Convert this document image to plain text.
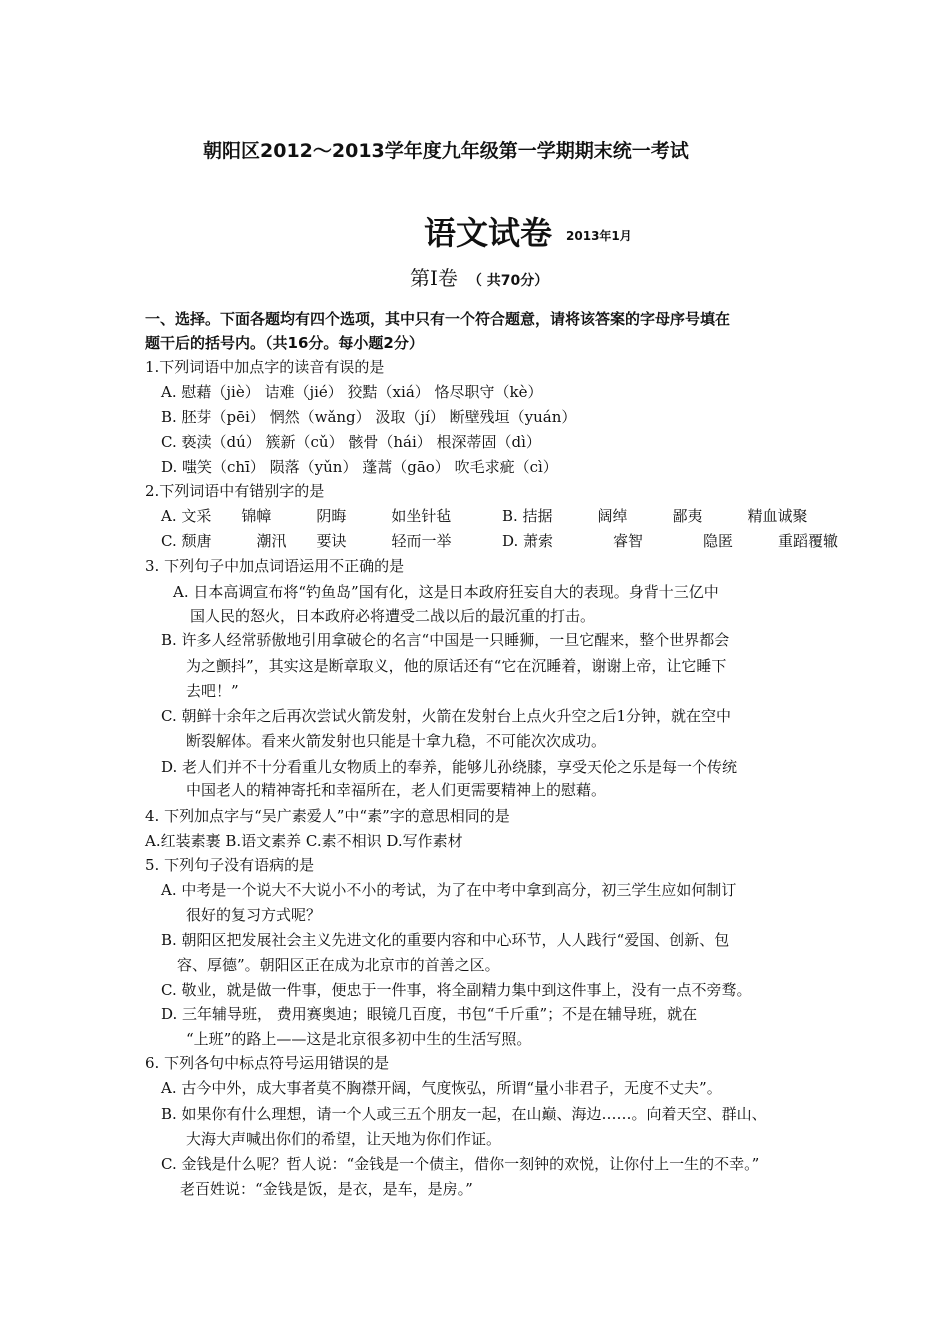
朝阳区2012～2013学年度九年级第一学期期末统一考试
语文试卷 2013年1月
第Ⅰ卷 （ 共70分）
一、选择。下面各题均有四个选项，其中只有一个符合题意，请将该答案的字母序号填在
题干后的括号内。（共16分。每小题2分）
1.下列词语中加点字的读音有误的是
A. 慰藉（jiè） 诘难（jié） 狡黠（xiá） 恪尽职守（kè）
B. 胚芽（pēi） 惘然（wǎng） 汲取（jí） 断壁残垣（yuán）
C. 亵渎（dú） 簇新（cǔ） 骸骨（hái） 根深蒂固（dì）
D. 嗤笑（chī） 陨落（yǔn） 蓬蒿（gāo） 吹毛求疵（cì）
2.下列词语中有错别字的是
A. 文采　　锦幛　　　阴晦　　　如坐针毡	B. 拮据　　　阔绰　　　鄙夷　　　精血诚聚
C. 颓唐　　　潮汛　　要诀　　　轻而一举	D. 萧索　　　　睿智　　　　隐匿　　　重蹈覆辙
3. 下列句子中加点词语运用不正确的是
A. 日本高调宣布将“钓鱼岛”国有化，这是日本政府狂妄自大的表现。身背十三亿中
国人民的怒火，日本政府必将遭受二战以后的最沉重的打击。
B. 许多人经常骄傲地引用拿破仑的名言“中国是一只睡狮，一旦它醒来，整个世界都会
为之颤抖”，其实这是断章取义，他的原话还有“它在沉睡着，谢谢上帝，让它睡下
去吧！”
C. 朝鲜十余年之后再次尝试火箭发射，火箭在发射台上点火升空之后1分钟，就在空中
断裂解体。看来火箭发射也只能是十拿九稳，不可能次次成功。
D. 老人们并不十分看重儿女物质上的奉养，能够儿孙绕膝，享受天伦之乐是每一个传统
中国老人的精神寄托和幸福所在，老人们更需要精神上的慰藉。
4. 下列加点字与“吴广素爱人”中“素”字的意思相同的是
A.红装素裹 B.语文素养 C.素不相识 D.写作素材
5. 下列句子没有语病的是
A. 中考是一个说大不大说小不小的考试，为了在中考中拿到高分，初三学生应如何制订
很好的复习方式呢？
B. 朝阳区把发展社会主义先进文化的重要内容和中心环节，人人践行“爱国、创新、包
容、厚德”。朝阳区正在成为北京市的首善之区。
C. 敬业，就是做一件事，便忠于一件事，将全副精力集中到这件事上，没有一点不旁骛。
D. 三年辅导班， 费用赛奥迪；眼镜几百度，书包“千斤重”；不是在辅导班，就在
“上班”的路上——这是北京很多初中生的生活写照。
6. 下列各句中标点符号运用错误的是
A. 古今中外，成大事者莫不胸襟开阔，气度恢弘，所谓“量小非君子，无度不丈夫”。
B. 如果你有什么理想，请一个人或三五个朋友一起，在山巅、海边……。向着天空、群山、
大海大声喊出你们的希望，让天地为你们作证。
C. 金钱是什么呢？哲人说：“金钱是一个债主，借你一刻钟的欢悦，让你付上一生的不幸。”
老百姓说：“金钱是饭，是衣，是车，是房。”
